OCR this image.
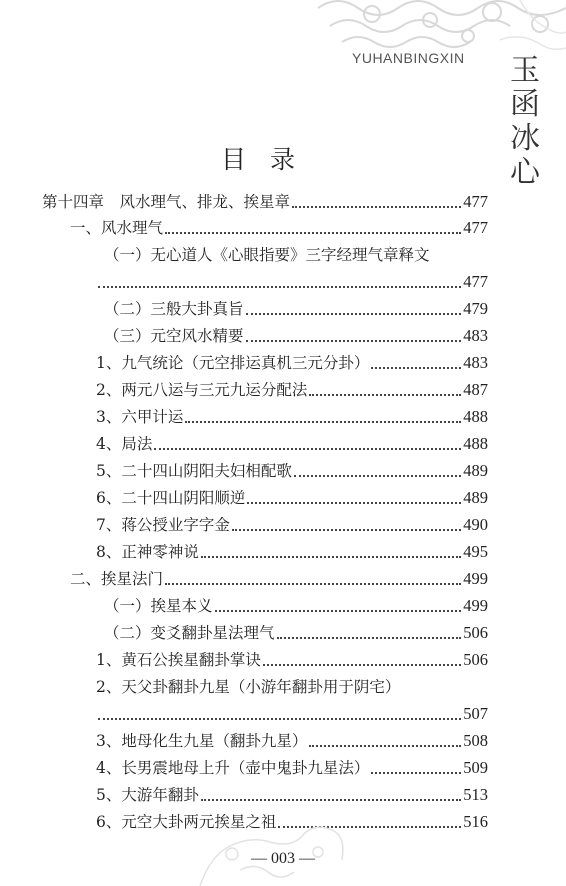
YUHANBINGXIN 玉
函
冰
心
目录
第十四章　风水理气、排龙、挨星章	477
一、风水理气	477
（一）无心道人《心眼指要》三字经理气章释文
477
（二）三般大卦真旨	479
（三）元空风水精要	483
1、九气统论（元空排运真机三元分卦）	483
2、两元八运与三元九运分配法	487
3、六甲计运	488
4、局法	488
5、二十四山阴阳夫妇相配歌	489
6、二十四山阴阳顺逆	489
7、蒋公授业字字金	490
8、正神零神说	495
二、挨星法门	499
（一）挨星本义	499
（二）变爻翻卦星法理气	506
1、黄石公挨星翻卦掌诀	506
2、天父卦翻卦九星（小游年翻卦用于阴宅）
507
3、地母化生九星（翻卦九星）	508
4、长男震地母上升（壶中鬼卦九星法）	509
5、大游年翻卦	513
6、元空大卦两元挨星之祖	516
— 003 —
